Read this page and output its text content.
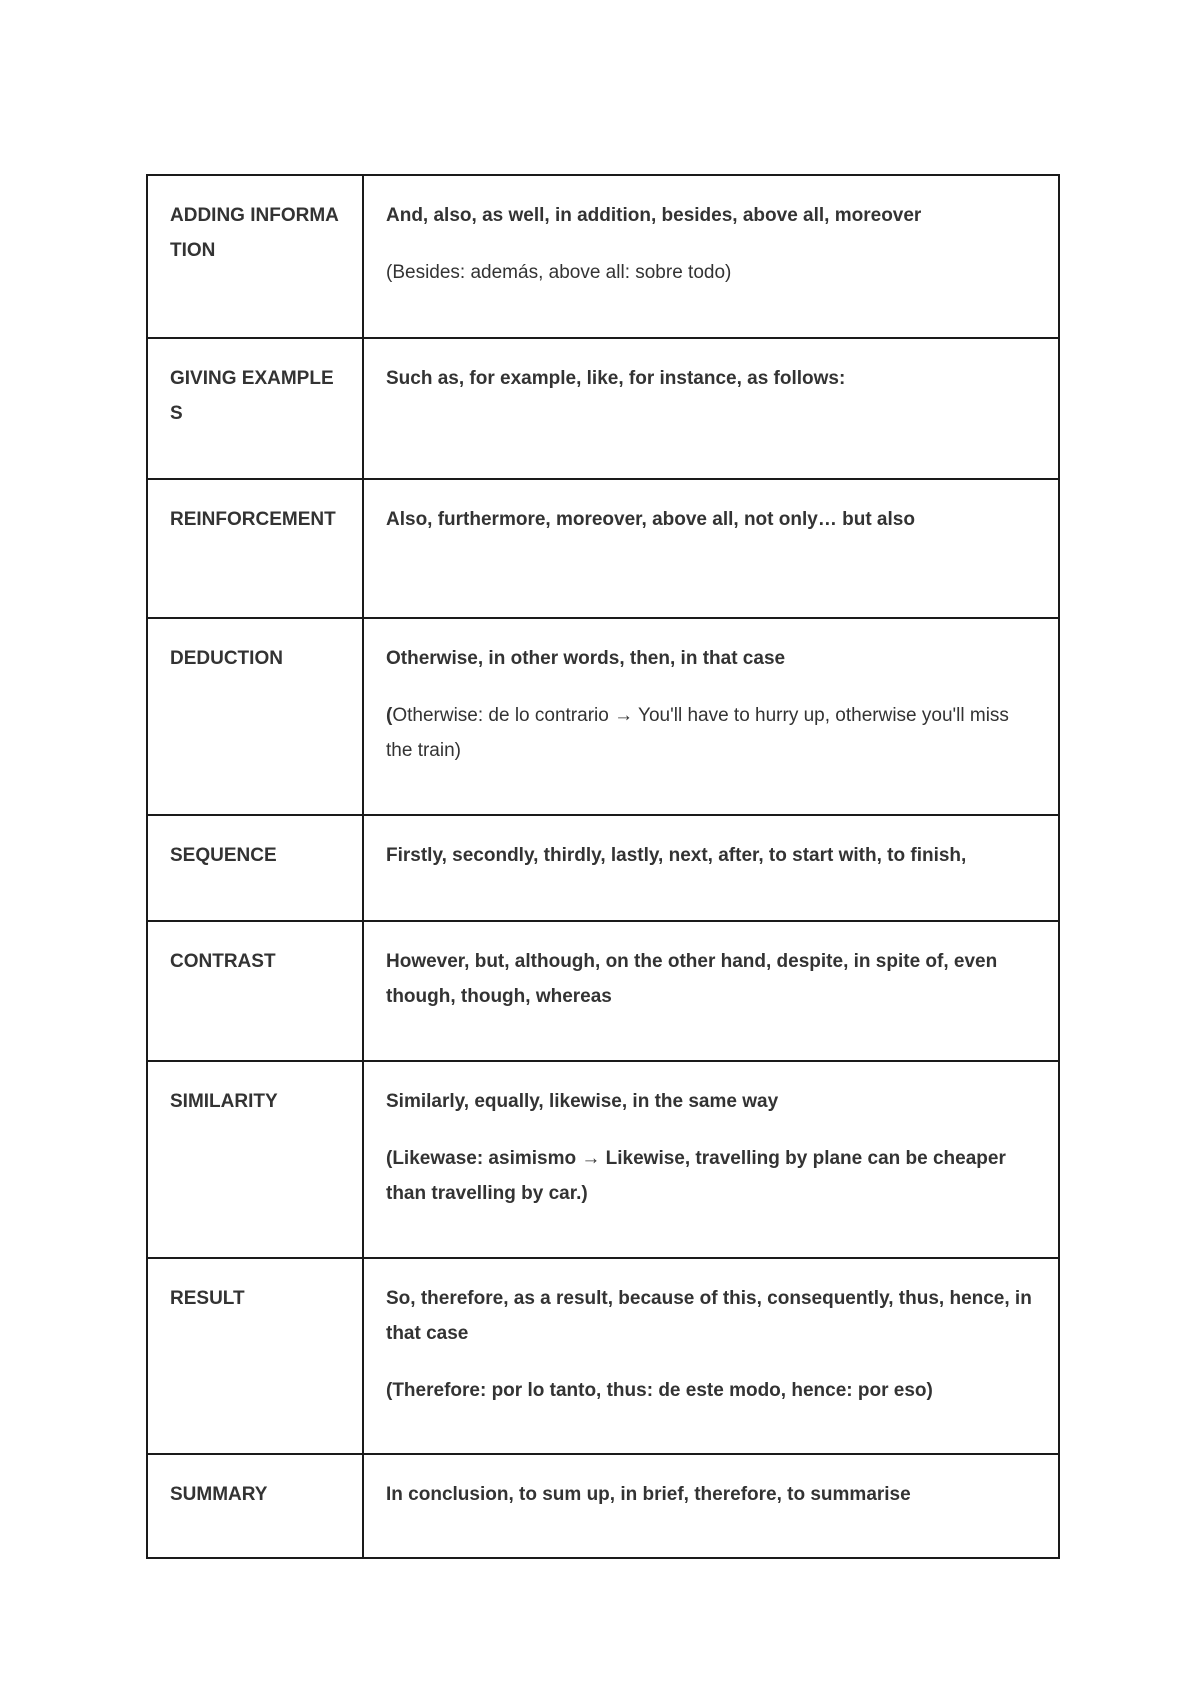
ADDING INFORMATION	And, also, as well, in addition, besides, above all, moreover

(Besides: además, above all: sobre todo)

GIVING EXAMPLES	Such as, for example, like, for instance, as follows:

REINFORCEMENT	Also, furthermore, moreover, above all, not only… but also

DEDUCTION	Otherwise, in other words, then, in that case

(Otherwise: de lo contrario → You'll have to hurry up, otherwise you'll miss the train)

SEQUENCE	Firstly, secondly, thirdly, lastly, next, after, to start with, to finish,

CONTRAST	However, but, although, on the other hand, despite, in spite of, even though, though, whereas

SIMILARITY	Similarly, equally, likewise, in the same way

(Likewase: asimismo → Likewise, travelling by plane can be cheaper than travelling by car.)

RESULT	So, therefore, as a result, because of this, consequently, thus, hence, in that case

(Therefore: por lo tanto, thus: de este modo, hence: por eso)

SUMMARY	In conclusion, to sum up, in brief, therefore, to summarise
